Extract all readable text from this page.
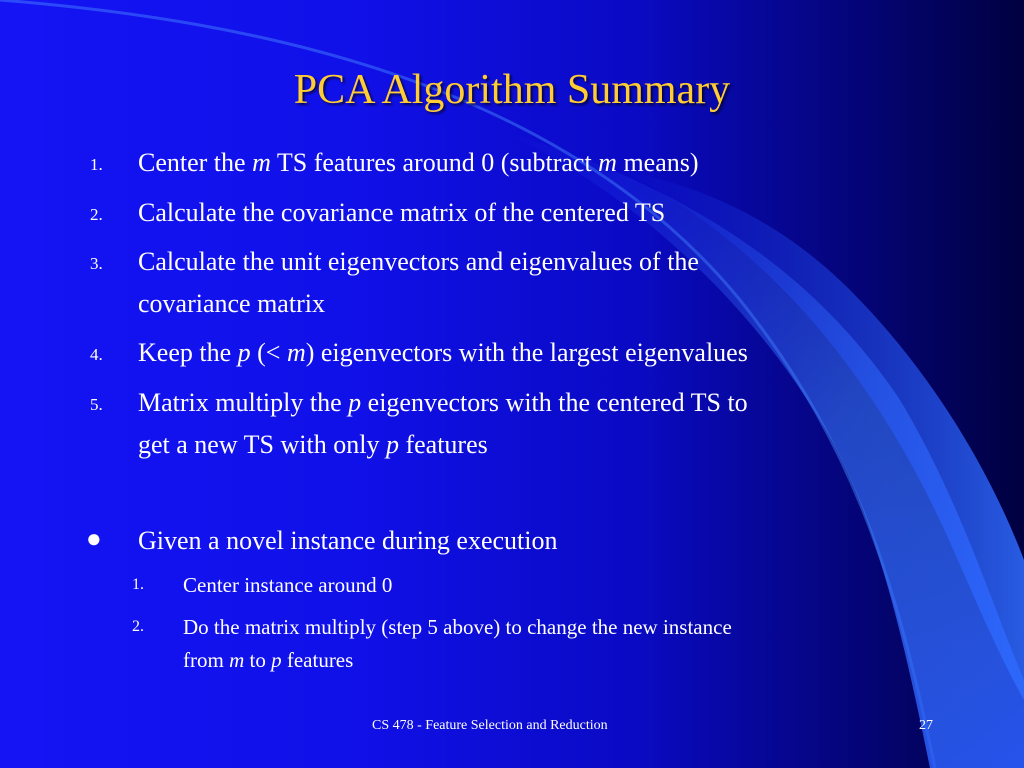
PCA Algorithm Summary
1. Center the m TS features around 0 (subtract m means)
2. Calculate the covariance matrix of the centered TS
3. Calculate the unit eigenvectors and eigenvalues of the
covariance matrix
4. Keep the p (< m) eigenvectors with the largest eigenvalues
5. Matrix multiply the p eigenvectors with the centered TS to
get a new TS with only p features
● Given a novel instance during execution
1. Center instance around 0
2. Do the matrix multiply (step 5 above) to change the new instance
from m to p features
CS 478 - Feature Selection and Reduction	27
